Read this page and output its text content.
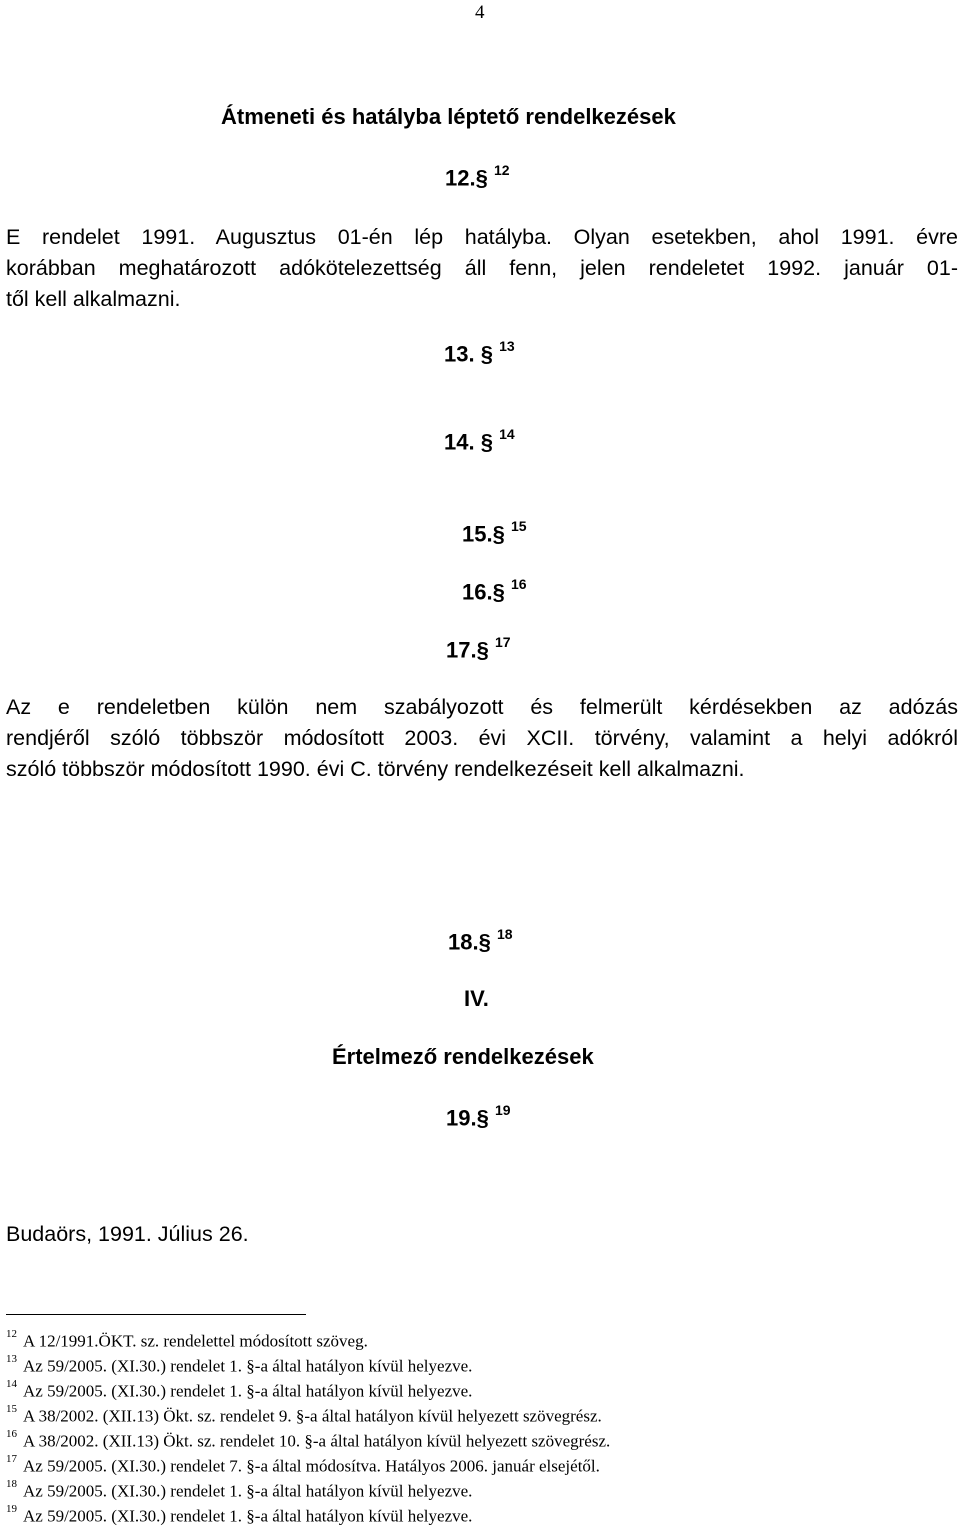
4
Átmeneti és hatályba léptető rendelkezések
12.§ $^{12}$
E rendelet 1991. Augusztus 01-én lép hatályba. Olyan esetekben, ahol 1991. évre
korábban meghatározott adókötelezettség áll fenn, jelen rendeletet 1992. január 01-
től kell alkalmazni.
13. § $^{13}$
14. § $^{14}$
15.§ $^{15}$
16.§ $^{16}$
17.§ $^{17}$
Az e rendeletben külön nem szabályozott és felmerült kérdésekben az adózás
rendjéről szóló többször módosított 2003. évi XCII. törvény, valamint a helyi adókról
szóló többször módosított 1990. évi C. törvény rendelkezéseit kell alkalmazni.
18.§ $^{18}$
IV.
Értelmező rendelkezések
19.§ $^{19}$
Budaörs, 1991. Július 26.
$^{12}$ A 12/1991.ÖKT. sz. rendelettel módosított szöveg.
$^{13}$ Az 59/2005. (XI.30.) rendelet 1. §-a által hatályon kívül helyezve.
$^{14}$ Az 59/2005. (XI.30.) rendelet 1. §-a által hatályon kívül helyezve.
$^{15}$ A 38/2002. (XII.13) Ökt. sz. rendelet 9. §-a által hatályon kívül helyezett szövegrész.
$^{16}$ A 38/2002. (XII.13) Ökt. sz. rendelet 10. §-a által hatályon kívül helyezett szövegrész.
$^{17}$ Az 59/2005. (XI.30.) rendelet 7. §-a által módosítva. Hatályos 2006. január elsejétől.
$^{18}$ Az 59/2005. (XI.30.) rendelet 1. §-a által hatályon kívül helyezve.
$^{19}$ Az 59/2005. (XI.30.) rendelet 1. §-a által hatályon kívül helyezve.
